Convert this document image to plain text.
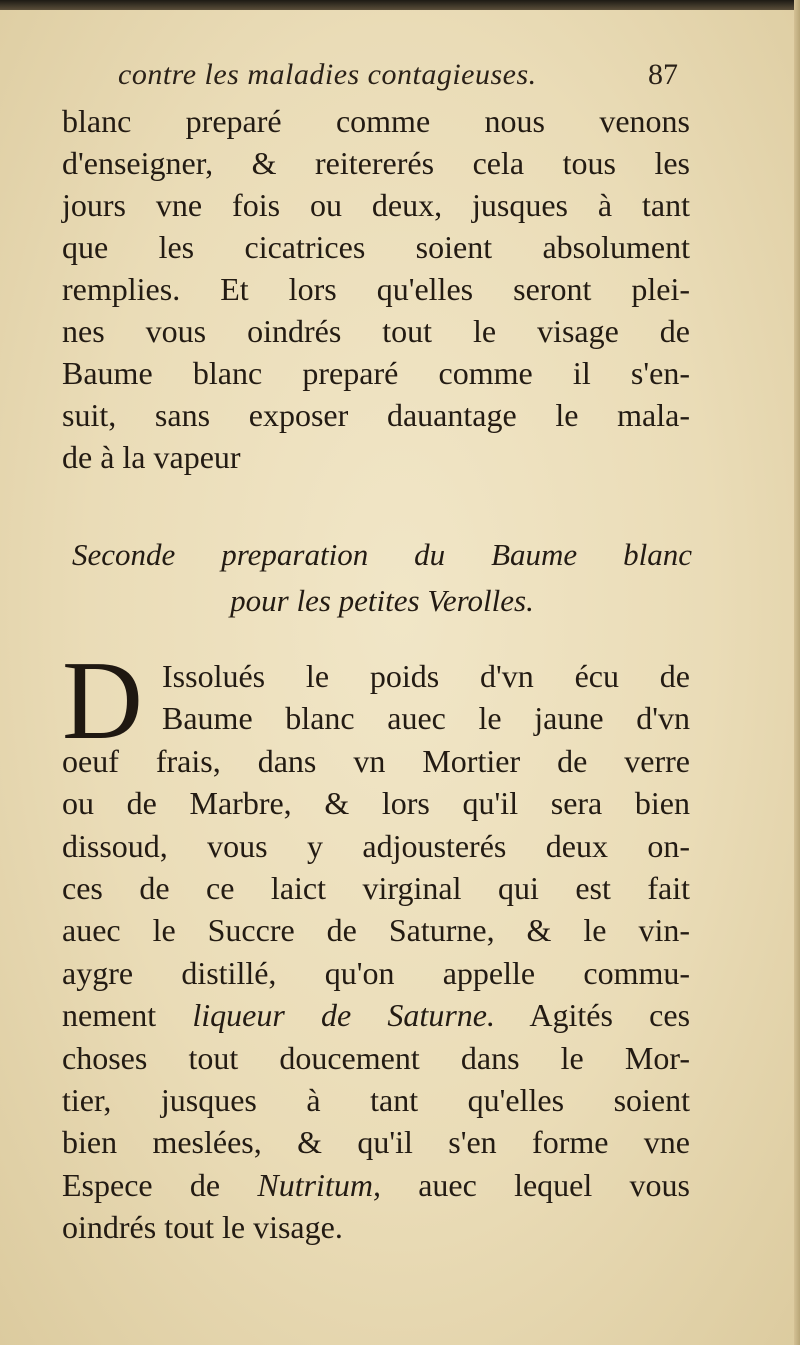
contre les maladies contagieuses.	87
blanc preparé comme nous venons
d'enseigner, & reitererés cela tous les
jours vne fois ou deux, jusques à tant
que les cicatrices soient absolument
remplies. Et lors qu'elles seront plei-
nes vous oindrés tout le visage de
Baume blanc preparé comme il s'en-
suit, sans exposer dauantage le mala-
de à la vapeur
Seconde preparation du Baume blanc
pour les petites Verolles.
D Issolués le poids d'vn écu de
Baume blanc auec le jaune d'vn
oeuf frais, dans vn Mortier de verre
ou de Marbre, & lors qu'il sera bien
dissoud, vous y adjousterés deux on-
ces de ce laict virginal qui est fait
auec le Succre de Saturne, & le vin-
aygre distillé, qu'on appelle commu-
nement liqueur de Saturne. Agités ces
choses tout doucement dans le Mor-
tier, jusques à tant qu'elles soient
bien meslées, & qu'il s'en forme vne
Espece de Nutritum, auec lequel vous
oindrés tout le visage.
